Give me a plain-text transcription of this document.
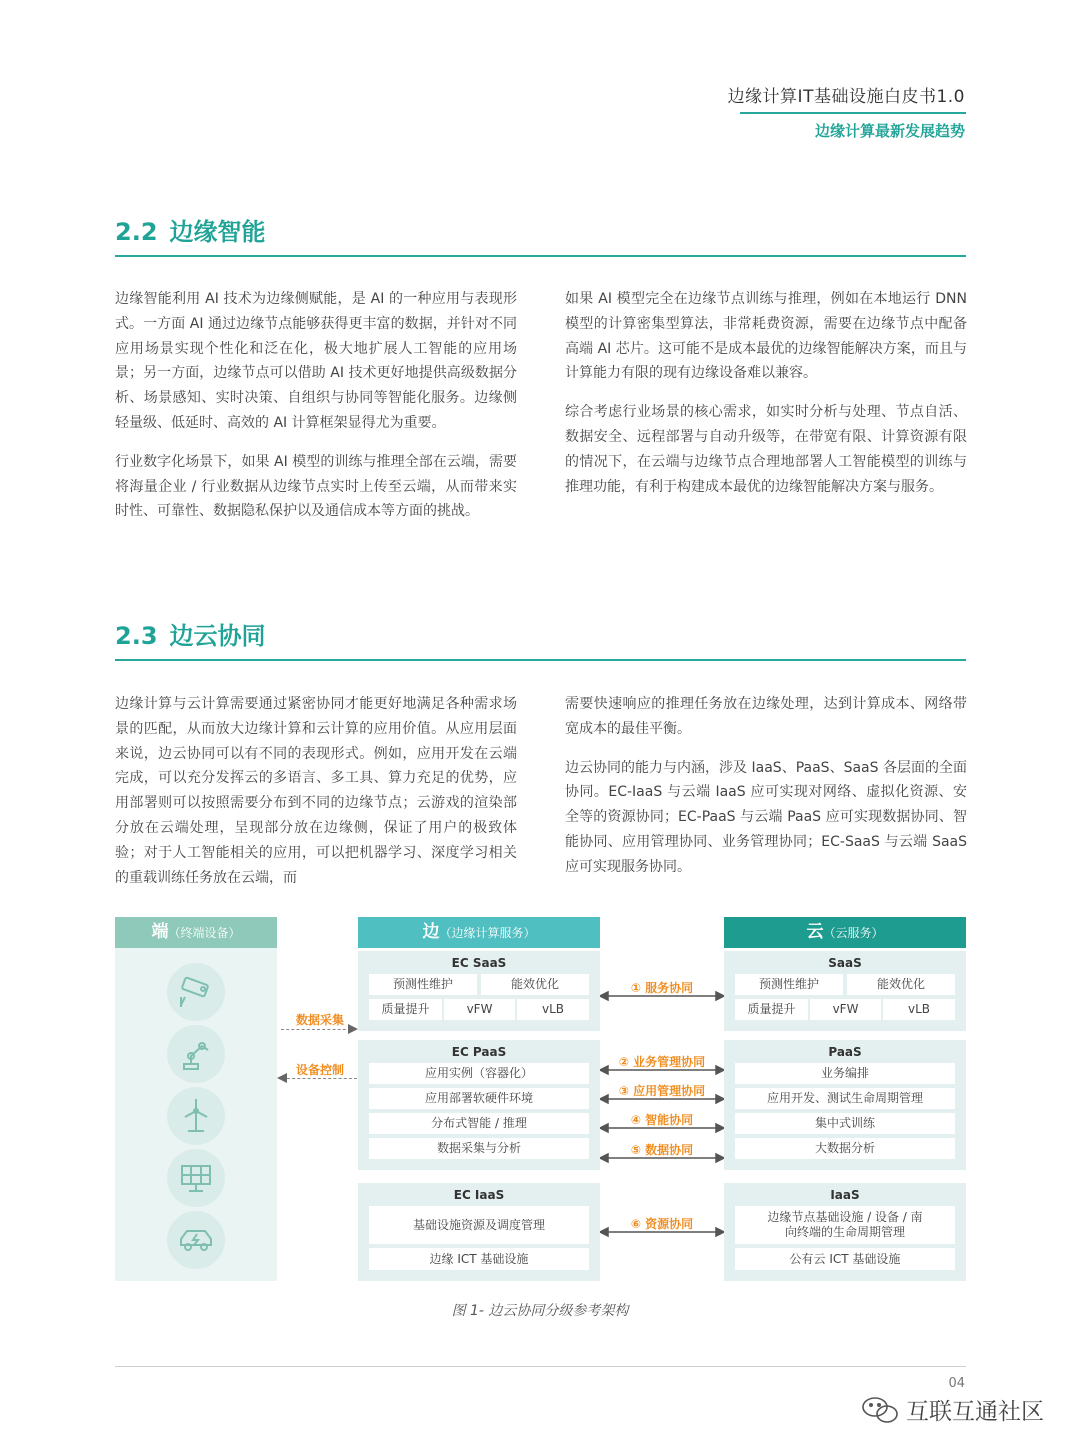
边缘计算IT基础设施白皮书1.0
边缘计算最新发展趋势
2.2 边缘智能

边缘智能利用 AI 技术为边缘侧赋能，是 AI 的一种应用与表现形式。一方面 AI 通过边缘节点能够获得更丰富的数据，并针对不同应用场景实现个性化和泛在化，极大地扩展人工智能的应用场景；另一方面，边缘节点可以借助 AI 技术更好地提供高级数据分析、场景感知、实时决策、自组织与协同等智能化服务。边缘侧轻量级、低延时、高效的 AI 计算框架显得尤为重要。

行业数字化场景下，如果 AI 模型的训练与推理全部在云端，需要将海量企业 / 行业数据从边缘节点实时上传至云端，从而带来实时性、可靠性、数据隐私保护以及通信成本等方面的挑战。

如果 AI 模型完全在边缘节点训练与推理，例如在本地运行 DNN 模型的计算密集型算法，非常耗费资源，需要在边缘节点中配备高端 AI 芯片。这可能不是成本最优的边缘智能解决方案，而且与计算能力有限的现有边缘设备难以兼容。

综合考虑行业场景的核心需求，如实时分析与处理、节点自活、数据安全、远程部署与自动升级等，在带宽有限、计算资源有限的情况下，在云端与边缘节点合理地部署人工智能模型的训练与推理功能，有利于构建成本最优的边缘智能解决方案与服务。

2.3 边云协同

边缘计算与云计算需要通过紧密协同才能更好地满足各种需求场景的匹配，从而放大边缘计算和云计算的应用价值。从应用层面来说，边云协同可以有不同的表现形式。例如，应用开发在云端完成，可以充分发挥云的多语言、多工具、算力充足的优势，应用部署则可以按照需要分布到不同的边缘节点；云游戏的渲染部分放在云端处理，呈现部分放在边缘侧，保证了用户的极致体验；对于人工智能相关的应用，可以把机器学习、深度学习相关的重载训练任务放在云端，而

需要快速响应的推理任务放在边缘处理，达到计算成本、网络带宽成本的最佳平衡。

边云协同的能力与内涵，涉及 IaaS、PaaS、SaaS 各层面的全面协同。EC-IaaS 与云端 IaaS 应可实现对网络、虚拟化资源、安全等的资源协同；EC-PaaS 与云端 PaaS 应可实现数据协同、智能协同、应用管理协同、业务管理协同；EC-SaaS 与云端 SaaS 应可实现服务协同。

端（终端设备）	边（边缘计算服务）
EC SaaS
预测性维护	能效优化
质量提升	vFW	vLB
EC PaaS
应用实例（容器化）
应用部署软硬件环境
分布式智能 / 推理
数据采集与分析
EC IaaS
基础设施资源及调度管理
边缘 ICT 基础设施
云（云服务）
SaaS
预测性维护	能效优化
质量提升	vFW	vLB
PaaS
业务编排
应用开发、测试生命周期管理
集中式训练
大数据分析
IaaS
边缘节点基础设施 / 设备 / 南向终端的生命周期管理
公有云 ICT 基础设施
数据采集
设备控制
① 服务协同
② 业务管理协同
③ 应用管理协同
④ 智能协同
⑤ 数据协同
⑥ 资源协同
图 1- 边云协同分级参考架构
04
互联互通社区
